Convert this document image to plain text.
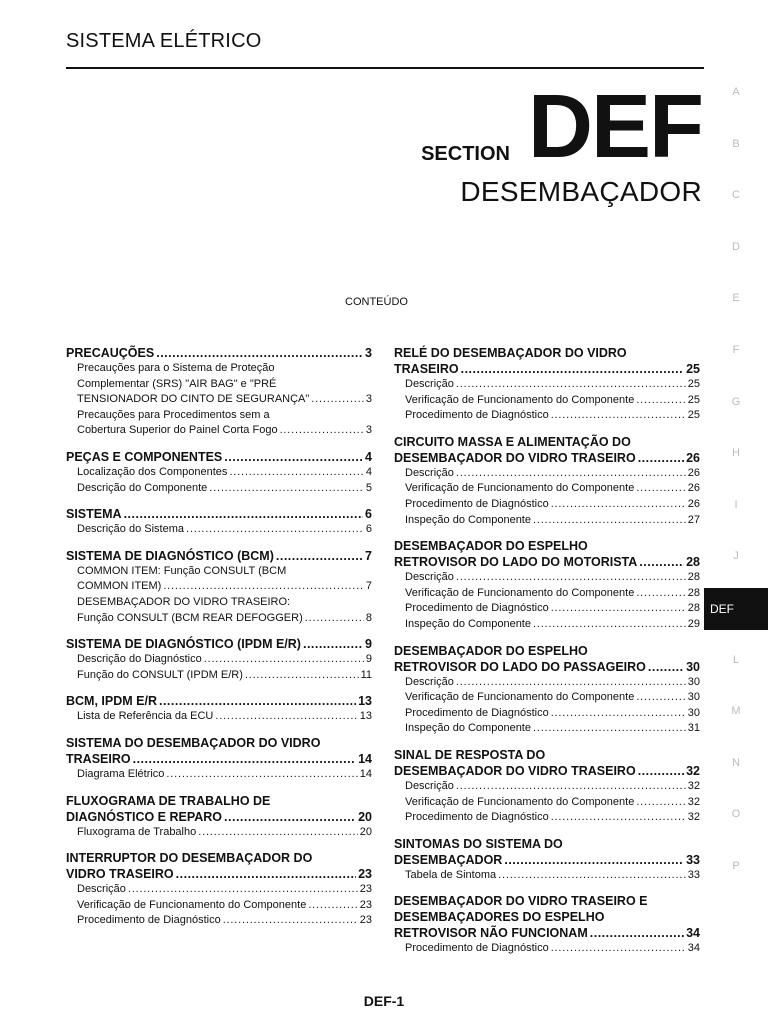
SISTEMA ELÉTRICO
SECTION DEF
DESEMBAÇADOR
CONTEÚDO
PRECAUÇÕES .....	3
Precauções para o Sistema de Proteção
Complementar (SRS) "AIR BAG" e "PRÉ
TENSIONADOR DO CINTO DE SEGURANÇA" .....	3
Precauções para Procedimentos sem a
Cobertura Superior do Painel Corta Fogo .....	3
PEÇAS E COMPONENTES .....	4
Localização dos Componentes .....	4
Descrição do Componente .....	5
SISTEMA .....	6
Descrição do Sistema .....	6
SISTEMA DE DIAGNÓSTICO (BCM) .....	7
COMMON ITEM: Função CONSULT (BCM
COMMON ITEM) .....	7
DESEMBAÇADOR DO VIDRO TRASEIRO:
Função CONSULT (BCM REAR DEFOGGER) .....	8
SISTEMA DE DIAGNÓSTICO (IPDM E/R) .....	9
Descrição do Diagnóstico .....	9
Função do CONSULT (IPDM E/R) .....	11
BCM, IPDM E/R .....	13
Lista de Referência da ECU .....	13
SISTEMA DO DESEMBAÇADOR DO VIDRO
TRASEIRO .....	14
Diagrama Elétrico .....	14
FLUXOGRAMA DE TRABALHO DE
DIAGNÓSTICO E REPARO .....	20
Fluxograma de Trabalho .....	20
INTERRUPTOR DO DESEMBAÇADOR DO
VIDRO TRASEIRO .....	23
Descrição .....	23
Verificação de Funcionamento do Componente .....	23
Procedimento de Diagnóstico .....	23
RELÉ DO DESEMBAÇADOR DO VIDRO
TRASEIRO .....	25
Descrição .....	25
Verificação de Funcionamento do Componente .....	25
Procedimento de Diagnóstico .....	25
CIRCUITO MASSA E ALIMENTAÇÃO DO
DESEMBAÇADOR DO VIDRO TRASEIRO .....	26
Descrição .....	26
Verificação de Funcionamento do Componente .....	26
Procedimento de Diagnóstico .....	26
Inspeção do Componente .....	27
DESEMBAÇADOR DO ESPELHO
RETROVISOR DO LADO DO MOTORISTA .....	28
Descrição .....	28
Verificação de Funcionamento do Componente .....	28
Procedimento de Diagnóstico .....	28
Inspeção do Componente .....	29
DESEMBAÇADOR DO ESPELHO
RETROVISOR DO LADO DO PASSAGEIRO .....	30
Descrição .....	30
Verificação de Funcionamento do Componente .....	30
Procedimento de Diagnóstico .....	30
Inspeção do Componente .....	31
SINAL DE RESPOSTA DO
DESEMBAÇADOR DO VIDRO TRASEIRO .....	32
Descrição .....	32
Verificação de Funcionamento do Componente .....	32
Procedimento de Diagnóstico .....	32
SINTOMAS DO SISTEMA DO
DESEMBAÇADOR .....	33
Tabela de Sintoma .....	33
DESEMBAÇADOR DO VIDRO TRASEIRO E
DESEMBAÇADORES DO ESPELHO
RETROVISOR NÃO FUNCIONAM .....	34
Procedimento de Diagnóstico .....	34
A
B
C
D
E
F
G
H
I
J
DEF
L
M
N
O
P
DEF-1
